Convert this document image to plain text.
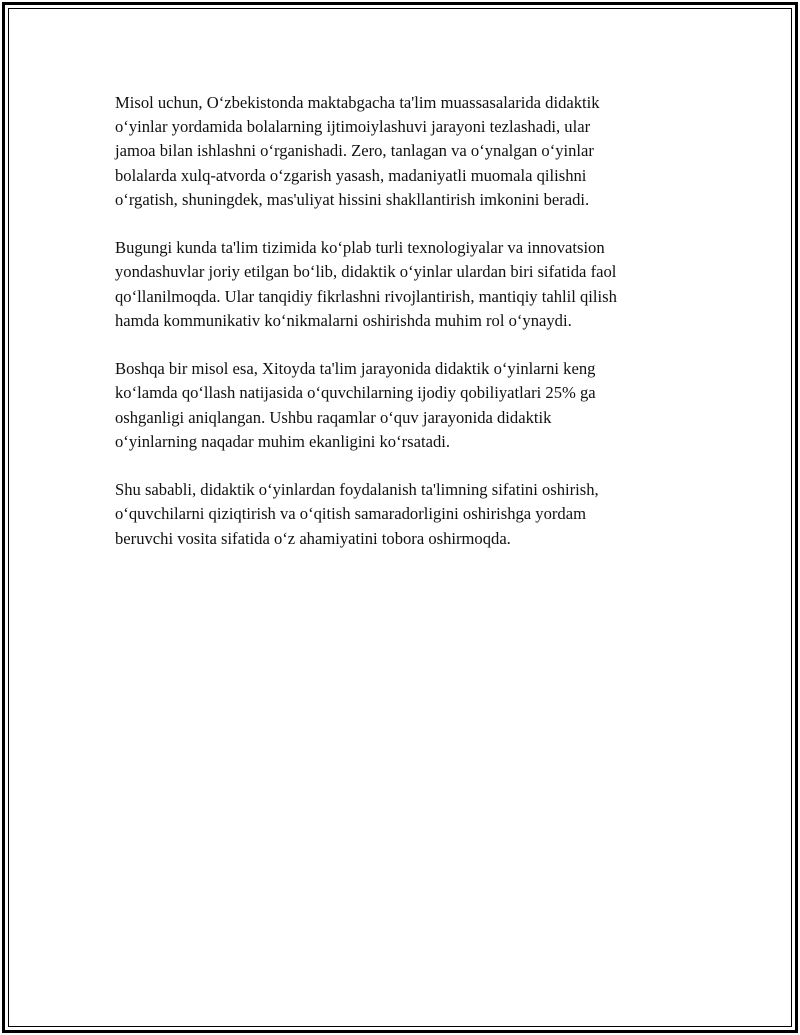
Misol uchun, O‘zbekistonda maktabgacha ta'lim muassasalarida didaktik
o‘yinlar yordamida bolalarning ijtimoiylashuvi jarayoni tezlashadi, ular
jamoa bilan ishlashni o‘rganishadi. Zero, tanlagan va o‘ynalgan o‘yinlar
bolalarda xulq-atvorda o‘zgarish yasash, madaniyatli muomala qilishni
o‘rgatish, shuningdek, mas'uliyat hissini shakllantirish imkonini beradi.

Bugungi kunda ta'lim tizimida ko‘plab turli texnologiyalar va innovatsion
yondashuvlar joriy etilgan bo‘lib, didaktik o‘yinlar ulardan biri sifatida faol
qo‘llanilmoqda. Ular tanqidiy fikrlashni rivojlantirish, mantiqiy tahlil qilish
hamda kommunikativ ko‘nikmalarni oshirishda muhim rol o‘ynaydi.

Boshqa bir misol esa, Xitoyda ta'lim jarayonida didaktik o‘yinlarni keng
ko‘lamda qo‘llash natijasida o‘quvchilarning ijodiy qobiliyatlari 25% ga
oshganligi aniqlangan. Ushbu raqamlar o‘quv jarayonida didaktik
o‘yinlarning naqadar muhim ekanligini ko‘rsatadi.

Shu sababli, didaktik o‘yinlardan foydalanish ta'limning sifatini oshirish,
o‘quvchilarni qiziqtirish va o‘qitish samaradorligini oshirishga yordam
beruvchi vosita sifatida o‘z ahamiyatini tobora oshirmoqda.
